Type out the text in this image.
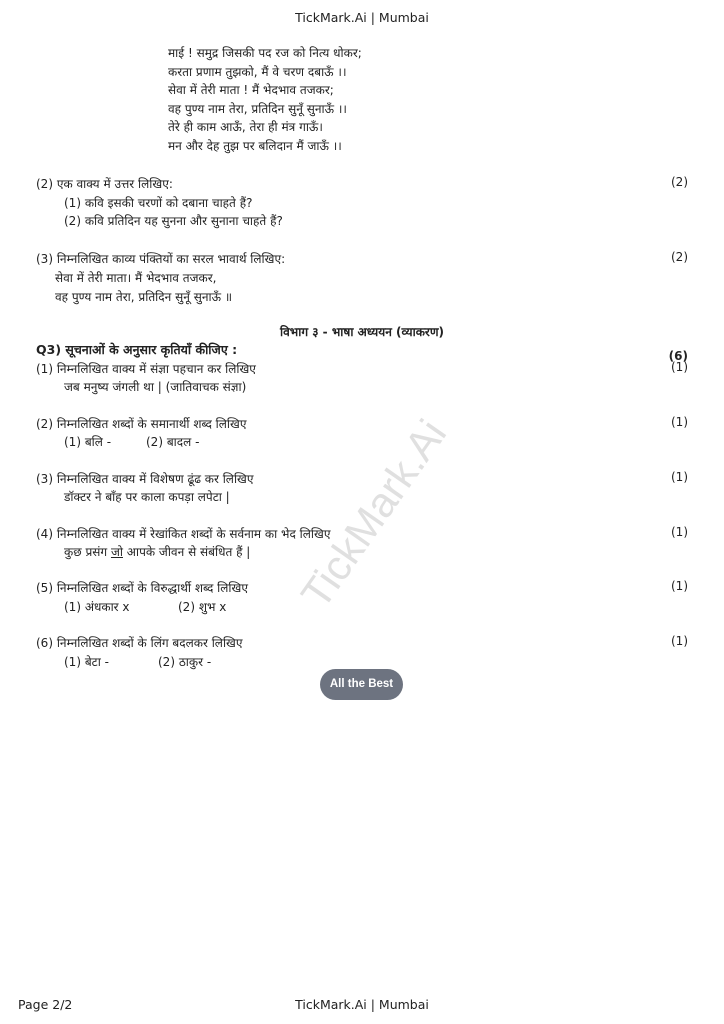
TickMark.Ai | Mumbai
माई ! समुद्र जिसकी पद रज को नित्य धोकर;
करता प्रणाम तुझको, मैं वे चरण दबाऊँ ।।
सेवा में तेरी माता ! मैं भेदभाव तजकर;
वह पुण्य नाम तेरा, प्रतिदिन सुनूँ सुनाऊँ ।।
तेरे ही काम आऊँ, तेरा ही मंत्र गाऊँ।
मन और देह तुझ पर बलिदान मैं जाऊँ ।।
(2) एक वाक्य में उत्तर लिखिए:	(2)
(1) कवि इसकी चरणों को दबाना चाहते हैं?
(2) कवि प्रतिदिन यह सुनना और सुनाना चाहते हैं?
(3) निम्नलिखित काव्य पंक्तियों का सरल भावार्थ लिखिए:	(2)
सेवा में तेरी माता। मैं भेदभाव तजकर,
वह पुण्य नाम तेरा, प्रतिदिन सुनूँ सुनाऊँ ॥
विभाग ३ - भाषा अध्ययन (व्याकरण)
Q3) सूचनाओं के अनुसार कृतियाँ कीजिए :	(6)
(1) निम्नलिखित वाक्य में संज्ञा पहचान कर लिखिए	(1)
जब मनुष्य जंगली था | (जातिवाचक संज्ञा)
(2) निम्नलिखित शब्दों के समानार्थी शब्द लिखिए	(1)
(1) बलि -	(2) बादल -
(3) निम्नलिखित वाक्य में विशेषण ढूंढ कर लिखिए	(1)
डॉक्टर ने बाँह पर काला कपड़ा लपेटा |
(4) निम्नलिखित वाक्य में रेखांकित शब्दों के सर्वनाम का भेद लिखिए	(1)
कुछ प्रसंग जो आपके जीवन से संबंधित हैं |
(5) निम्नलिखित शब्दों के विरुद्धार्थी शब्द लिखिए	(1)
(1) अंधकार x	(2) शुभ x
(6) निम्नलिखित शब्दों के लिंग बदलकर लिखिए	(1)
(1) बेटा -	(2) ठाकुर -
All the Best
TickMark.Ai
Page 2/2	TickMark.Ai | Mumbai
